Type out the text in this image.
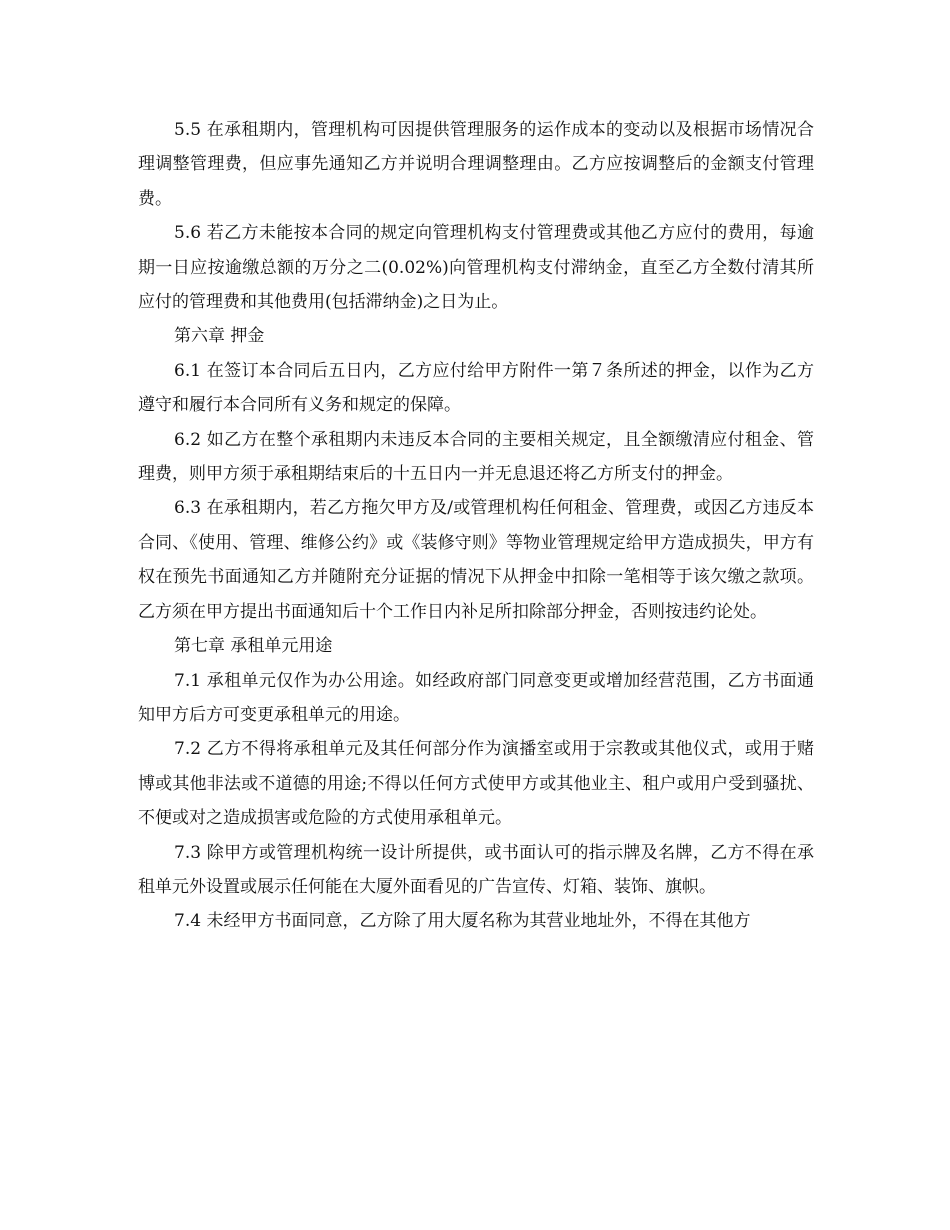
5.5 在承租期内，管理机构可因提供管理服务的运作成本的变动以及根据市场情况合理调整管理费，但应事先通知乙方并说明合理调整理由。乙方应按调整后的金额支付管理费。

5.6 若乙方未能按本合同的规定向管理机构支付管理费或其他乙方应付的费用，每逾期一日应按逾缴总额的万分之二(0.02%)向管理机构支付滞纳金，直至乙方全数付清其所应付的管理费和其他费用(包括滞纳金)之日为止。

第六章 押金

6.1 在签订本合同后五日内，乙方应付给甲方附件一第７条所述的押金，以作为乙方遵守和履行本合同所有义务和规定的保障。

6.2 如乙方在整个承租期内未违反本合同的主要相关规定，且全额缴清应付租金、管理费，则甲方须于承租期结束后的十五日内一并无息退还将乙方所支付的押金。

6.3 在承租期内，若乙方拖欠甲方及/或管理机构任何租金、管理费，或因乙方违反本合同、《使用、管理、维修公约》或《装修守则》等物业管理规定给甲方造成损失，甲方有权在预先书面通知乙方并随附充分证据的情况下从押金中扣除一笔相等于该欠缴之款项。乙方须在甲方提出书面通知后十个工作日内补足所扣除部分押金，否则按违约论处。

第七章 承租单元用途

7.1 承租单元仅作为办公用途。如经政府部门同意变更或增加经营范围，乙方书面通知甲方后方可变更承租单元的用途。

7.2 乙方不得将承租单元及其任何部分作为演播室或用于宗教或其他仪式，或用于赌博或其他非法或不道德的用途;不得以任何方式使甲方或其他业主、租户或用户受到骚扰、不便或对之造成损害或危险的方式使用承租单元。

7.3 除甲方或管理机构统一设计所提供，或书面认可的指示牌及名牌，乙方不得在承租单元外设置或展示任何能在大厦外面看见的广告宣传、灯箱、装饰、旗帜。

7.4 未经甲方书面同意，乙方除了用大厦名称为其营业地址外，不得在其他方
